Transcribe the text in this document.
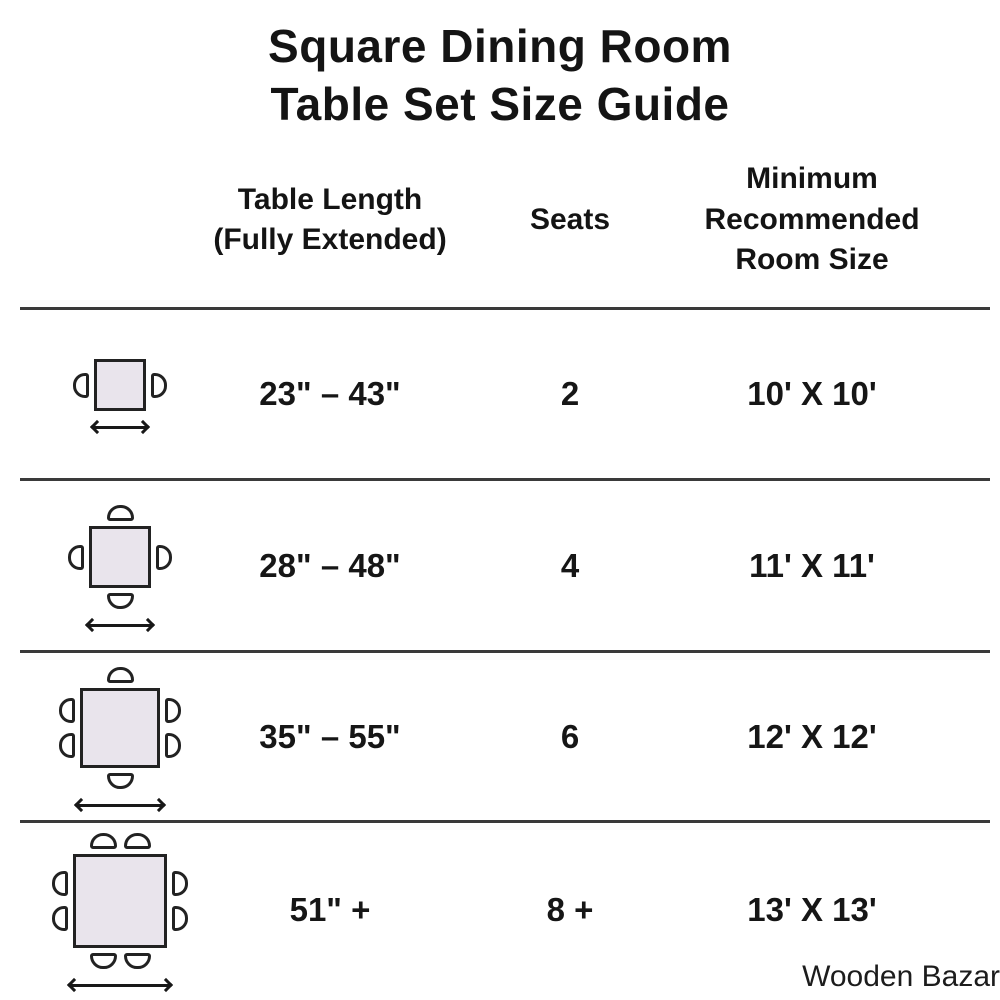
Square Dining Room
Table Set Size Guide
Table Length
(Fully Extended)
Seats
Minimum
Recommended
Room Size
23" – 43"	2	10' X 10'
28" – 48"	4	11' X 11'
35" – 55"	6	12' X 12'
51" +	8 +	13' X 13'
Wooden Bazar
